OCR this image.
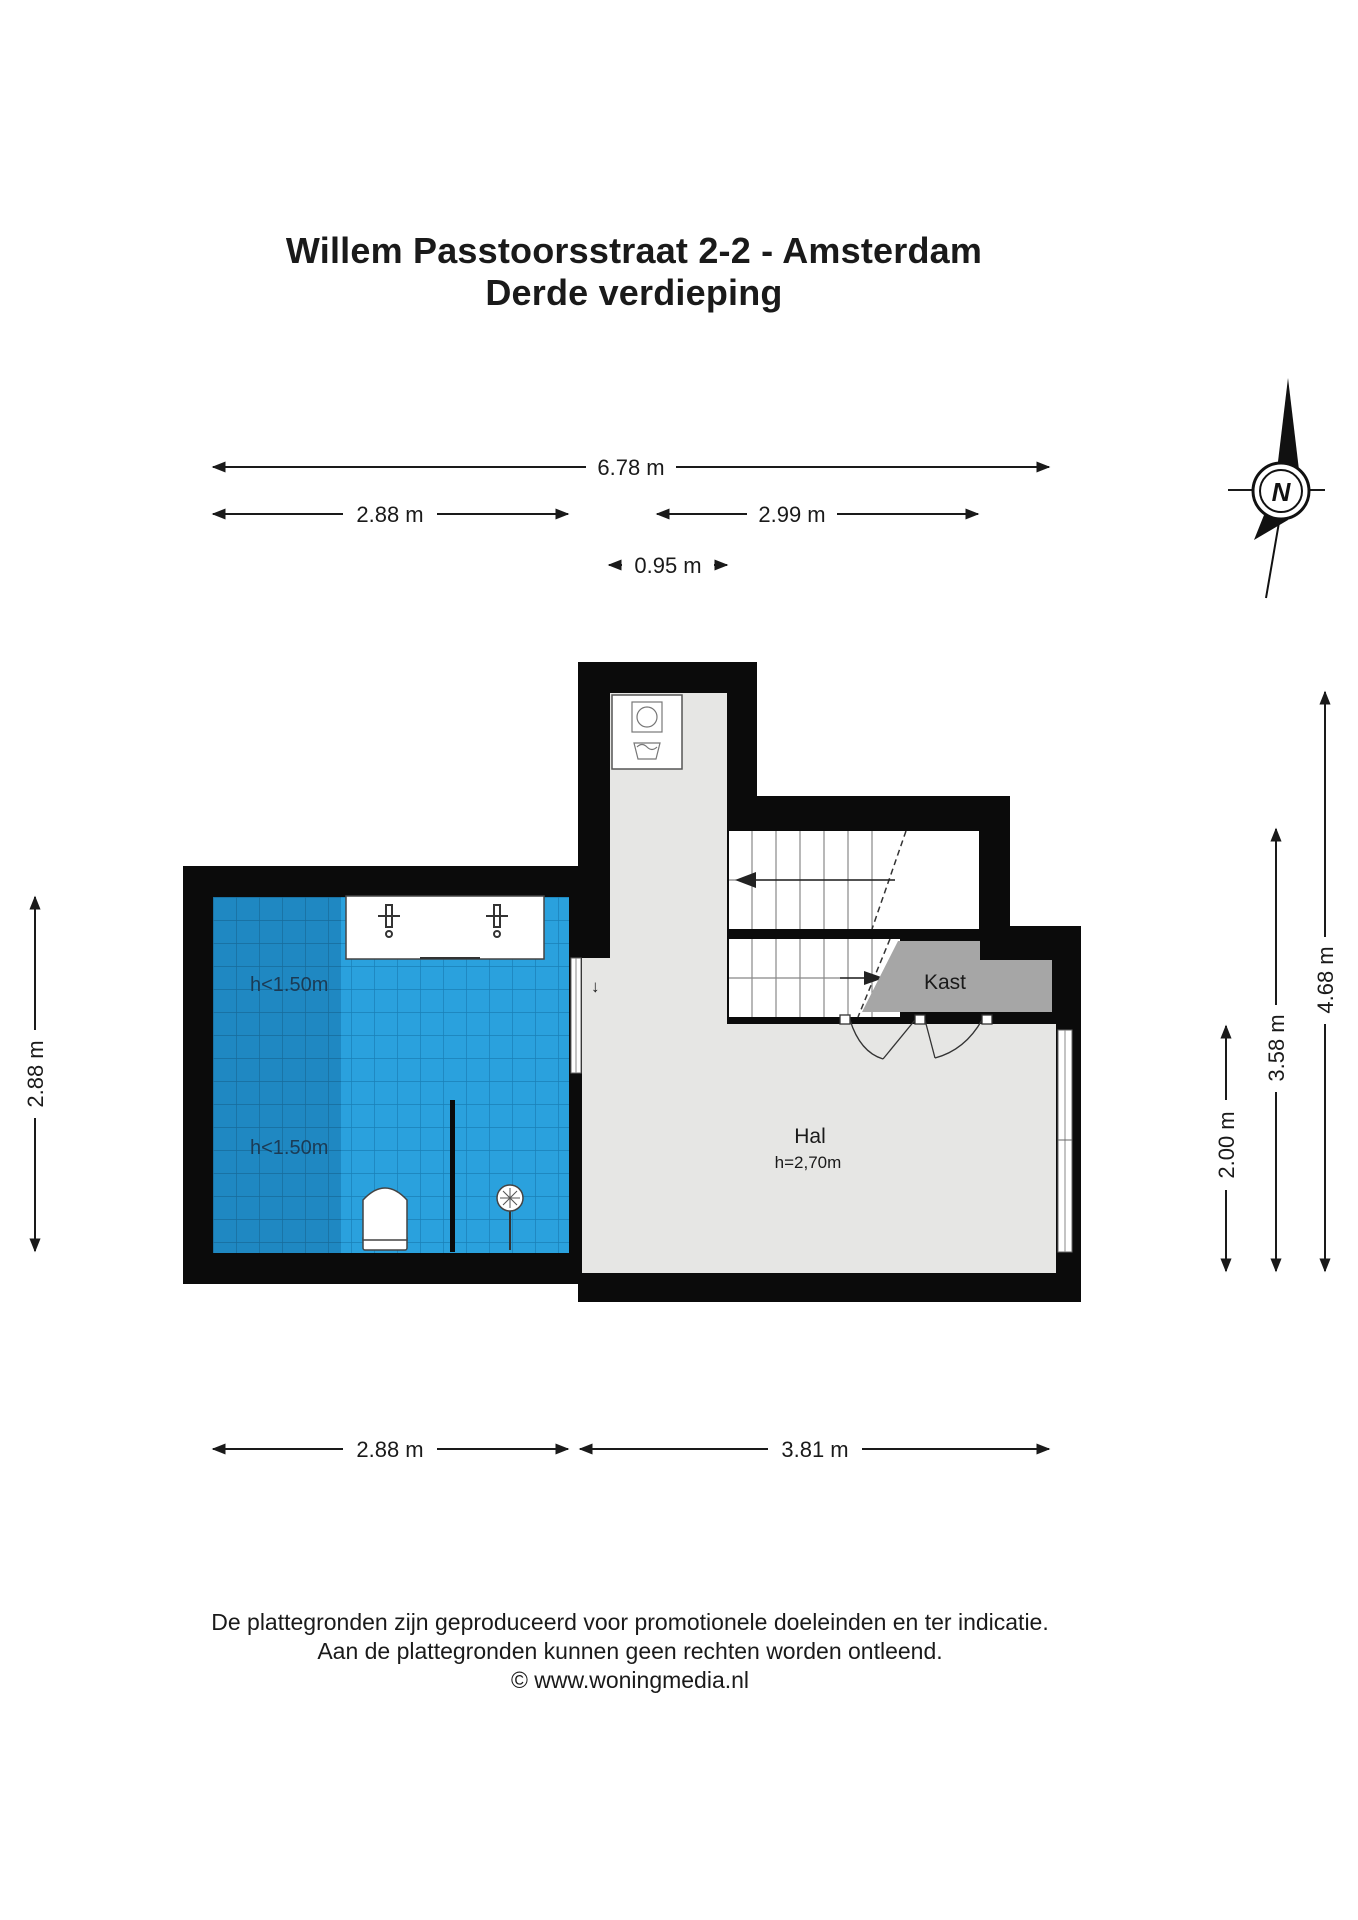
Willem Passtoorsstraat 2-2 - Amsterdam
Derde verdieping
h<1.50m
h<1.50m
Kast
↓
Hal
h=2,70m
6.78 m
2.88 m	2.99 m
0.95 m
2.88 m
2.00 m
3.58 m
4.68 m
2.88 m	3.81 m
N
De plattegronden zijn geproduceerd voor promotionele doeleinden en ter indicatie.
Aan de plattegronden kunnen geen rechten worden ontleend.
© www.woningmedia.nl
